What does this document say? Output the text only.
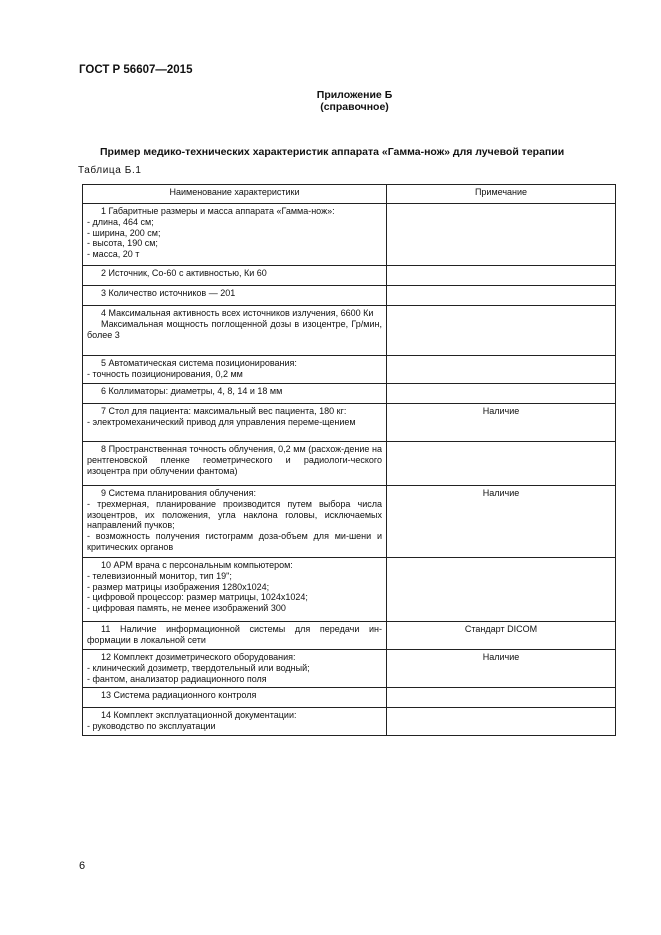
ГОСТ Р 56607—2015
Приложение Б
(справочное)
Пример медико-технических характеристик аппарата «Гамма-нож» для лучевой терапии
Таблица Б.1
Наименование характеристики	Примечание

1 Габаритные размеры и масса аппарата «Гамма-нож»:
- длина, 464 см;
- ширина, 200 см;
- высота, 190 см;
- масса, 20 т	

2 Источник, Co-60 с активностью, Ки 60	

3 Количество источников — 201	

4 Максимальная активность всех источников излучения, 6600 Ки
Максимальная мощность поглощенной дозы в изоцентре, Гр/мин, более 3	

5 Автоматическая система позиционирования:
- точность позиционирования, 0,2 мм	

6 Коллиматоры: диаметры, 4, 8, 14 и 18 мм	

7 Стол для пациента: максимальный вес пациента, 180 кг:
- электромеханический привод для управления переме-щением	Наличие

8 Пространственная точность облучения, 0,2 мм (расхож-дение на рентгеновской пленке геометрического и радиологи-ческого изоцентра при облучении фантома)	

9 Система планирования облучения:
- трехмерная, планирование производится путем выбора числа изоцентров, их положения, угла наклона головы, исключаемых направлений пучков;
- возможность получения гистограмм доза-объем для ми-шени и критических органов	Наличие

10 АРМ врача с персональным компьютером:
- телевизионный монитор, тип 19";
- размер матрицы изображения 1280x1024;
- цифровой процессор: размер матрицы, 1024x1024;
- цифровая память, не менее изображений 300	

11 Наличие информационной системы для передачи ин-формации в локальной сети	Стандарт DICOM

12 Комплект дозиметрического оборудования:
- клинический дозиметр, твердотельный или водный;
- фантом, анализатор радиационного поля	Наличие

13 Система радиационного контроля	

14 Комплект эксплуатационной документации:
- руководство по эксплуатации	

6
